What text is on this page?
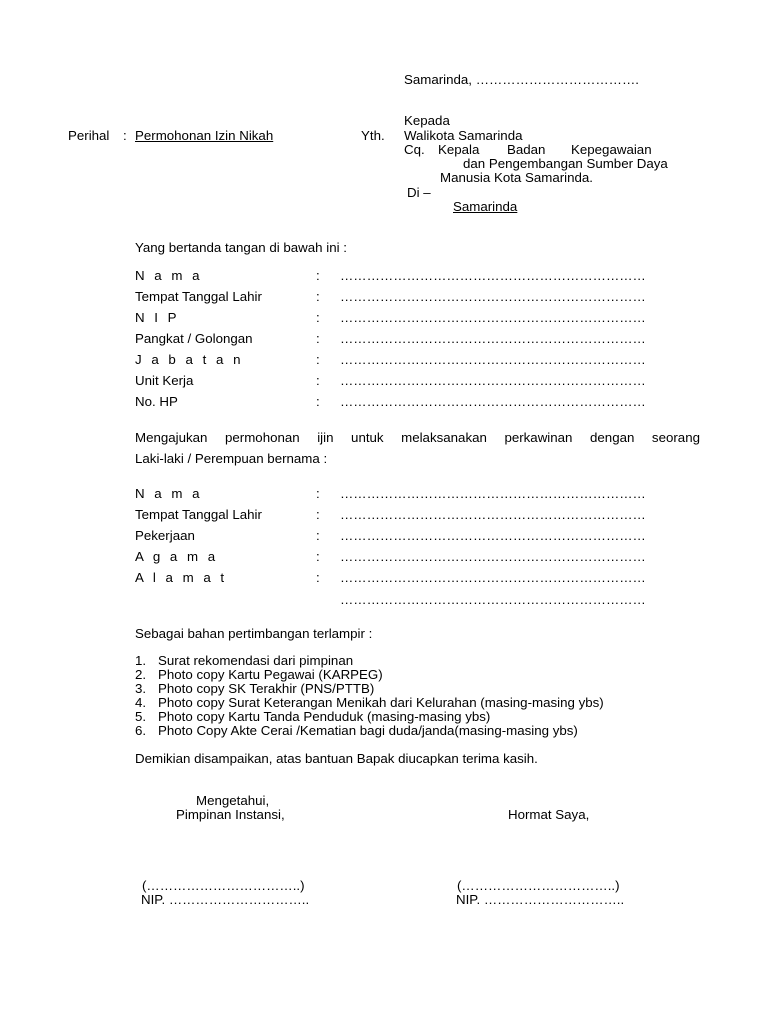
Samarinda, ……………………………….
Kepada
Perihal : Permohonan Izin Nikah	Yth. Walikota Samarinda
Cq. Kepala Badan Kepegawaian
dan Pengembangan Sumber Daya
Manusia Kota Samarinda.
Di –
Samarinda
Yang bertanda tangan di bawah ini :
N a m a	: ……………………………………………………………
Tempat Tanggal Lahir	: ……………………………………………………………
N I P	: ……………………………………………………………
Pangkat / Golongan	: ……………………………………………………………
J a b a t a n	: ……………………………………………………………
Unit Kerja	: ……………………………………………………………
No. HP	: ……………………………………………………………
Mengajukan permohonan ijin untuk melaksanakan perkawinan dengan seorang
Laki-laki / Perempuan bernama :
N a m a	: ……………………………………………………………
Tempat Tanggal Lahir	: ……………………………………………………………
Pekerjaan	: ……………………………………………………………
A g a m a	: ……………………………………………………………
A l a m a t	: ……………………………………………………………
……………………………………………………………
Sebagai bahan pertimbangan terlampir :
1. Surat rekomendasi dari pimpinan
2. Photo copy Kartu Pegawai (KARPEG)
3. Photo copy SK Terakhir (PNS/PTTB)
4. Photo copy Surat Keterangan Menikah dari Kelurahan (masing-masing ybs)
5. Photo copy Kartu Tanda Penduduk (masing-masing ybs)
6. Photo Copy Akte Cerai /Kematian bagi duda/janda(masing-masing ybs)
Demikian disampaikan, atas bantuan Bapak diucapkan terima kasih.
Mengetahui,
Pimpinan Instansi,	Hormat Saya,
(……………………………..)
NIP. …………………………..
(……………………………..)
NIP. …………………………..
